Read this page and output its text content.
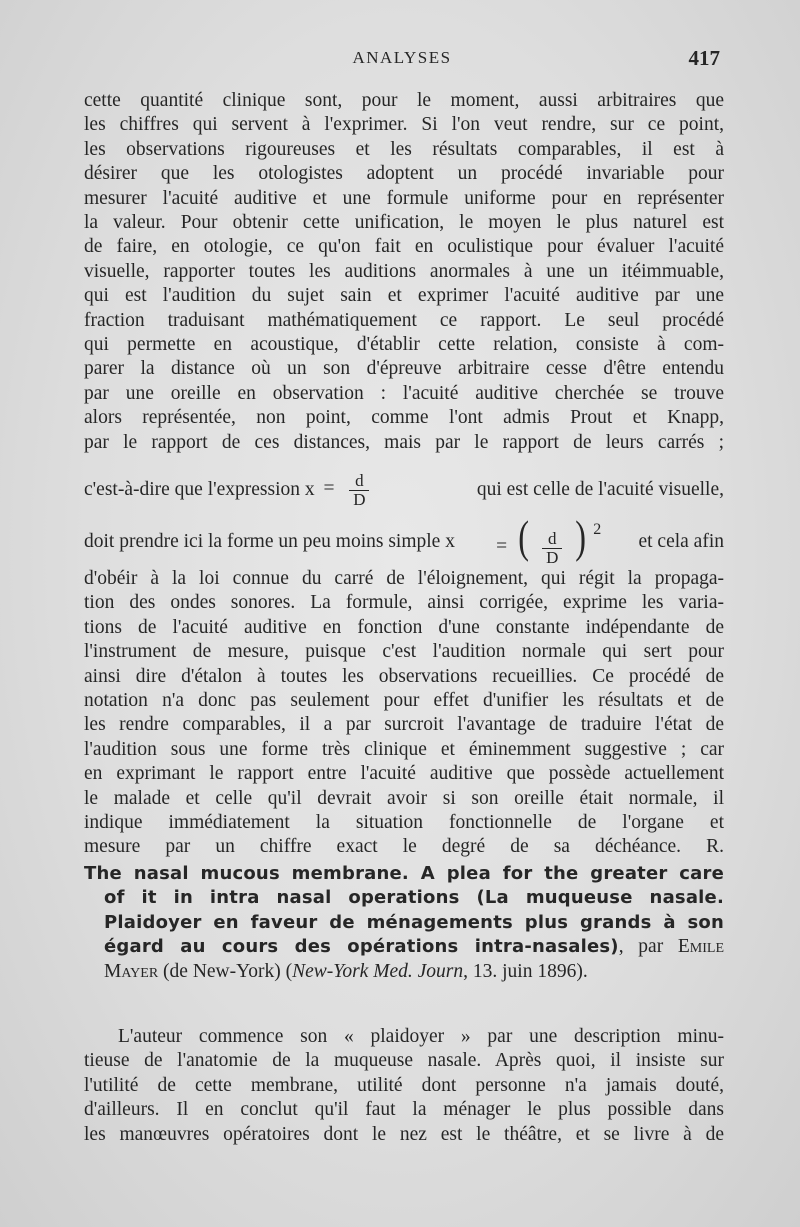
ANALYSES	417
cette quantité clinique sont, pour le moment, aussi arbitraires que
les chiffres qui servent à l'exprimer. Si l'on veut rendre, sur ce point,
les observations rigoureuses et les résultats comparables, il est à
désirer que les otologistes adoptent un procédé invariable pour
mesurer l'acuité auditive et une formule uniforme pour en représenter
la valeur. Pour obtenir cette unification, le moyen le plus naturel est
de faire, en otologie, ce qu'on fait en oculistique pour évaluer l'acuité
visuelle, rapporter toutes les auditions anormales à une un itéimmuable,
qui est l'audition du sujet sain et exprimer l'acuité auditive par une
fraction traduisant mathématiquement ce rapport. Le seul procédé
qui permette en acoustique, d'établir cette relation, consiste à com-
parer la distance où un son d'épreuve arbitraire cesse d'être entendu
par une oreille en observation : l'acuité auditive cherchée se trouve
alors représentée, non point, comme l'ont admis Prout et Knapp,
par le rapport de ces distances, mais par le rapport de leurs carrés ;
c'est-à-dire que l'expression $x = \frac{d}{D}$	qui est celle de l'acuité visuelle,
doit prendre ici la forme un peu moins simple x = ( $\frac{d}{D}$ ) $^2$
et cela afin
d'obéir à la loi connue du carré de l'éloignement, qui régit la propaga-
tion des ondes sonores. La formule, ainsi corrigée, exprime les varia-
tions de l'acuité auditive en fonction d'une constante indépendante de
l'instrument de mesure, puisque c'est l'audition normale qui sert pour
ainsi dire d'étalon à toutes les observations recueillies. Ce procédé de
notation n'a donc pas seulement pour effet d'unifier les résultats et de
les rendre comparables, il a par surcroit l'avantage de traduire l'état de
l'audition sous une forme très clinique et éminemment suggestive ; car
en exprimant le rapport entre l'acuité auditive que possède actuellement
le malade et celle qu'il devrait avoir si son oreille était normale, il
indique immédiatement la situation fonctionnelle de l'organe et
mesure par un chiffre exact le degré de sa déchéance. R.
The nasal mucous membrane. A plea for the greater care
of it in intra nasal operations (La muqueuse nasale.
Plaidoyer en faveur de ménagements plus grands à son
égard au cours des opérations intra-nasales), par Emile
Mayer (de New-York) (New-York Med. Journ, 13. juin 1896).
L'auteur commence son « plaidoyer » par une description minu-
tieuse de l'anatomie de la muqueuse nasale. Après quoi, il insiste sur
l'utilité de cette membrane, utilité dont personne n'a jamais douté,
d'ailleurs. Il en conclut qu'il faut la ménager le plus possible dans
les manœuvres opératoires dont le nez est le théâtre, et se livre à de
